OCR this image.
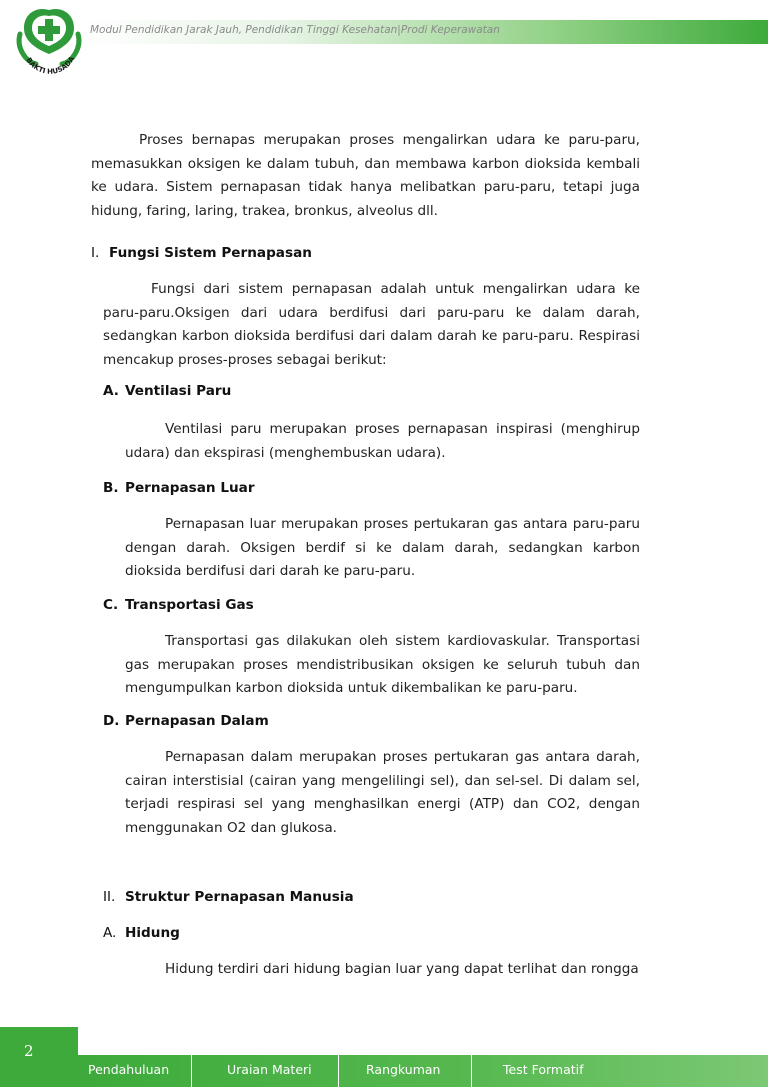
Modul Pendidikan Jarak Jauh, Pendidikan Tinggi Kesehatan|Prodi Keperawatan
BAKTI HUSADA

Proses bernapas merupakan proses mengalirkan udara ke paru-paru, memasukkan oksigen ke dalam tubuh, dan membawa karbon dioksida kembali ke udara. Sistem pernapasan tidak hanya melibatkan paru-paru, tetapi juga hidung, faring, laring, trakea, bronkus, alveolus dll.

I. Fungsi Sistem Pernapasan

Fungsi dari sistem pernapasan adalah untuk mengalirkan udara ke paru-paru.Oksigen dari udara berdifusi dari paru-paru ke dalam darah, sedangkan karbon dioksida berdifusi dari dalam darah ke paru-paru. Respirasi mencakup proses-proses sebagai berikut:

A. Ventilasi Paru

Ventilasi paru merupakan proses pernapasan inspirasi (menghirup udara) dan ekspirasi (menghembuskan udara).

B. Pernapasan Luar

Pernapasan luar merupakan proses pertukaran gas antara paru-paru dengan darah. Oksigen berdif si ke dalam darah, sedangkan karbon dioksida berdifusi dari darah ke paru-paru.

C. Transportasi Gas

Transportasi gas dilakukan oleh sistem kardiovaskular. Transportasi gas merupakan proses mendistribusikan oksigen ke seluruh tubuh dan mengumpulkan karbon dioksida untuk dikembalikan ke paru-paru.

D. Pernapasan Dalam

Pernapasan dalam merupakan proses pertukaran gas antara darah, cairan interstisial (cairan yang mengelilingi sel), dan sel-sel. Di dalam sel, terjadi respirasi sel yang menghasilkan energi (ATP) dan CO2, dengan menggunakan O2 dan glukosa.

II. Struktur Pernapasan Manusia
A. Hidung

Hidung terdiri dari hidung bagian luar yang dapat terlihat dan rongga

2
Pendahuluan	Uraian Materi	Rangkuman	Test Formatif
